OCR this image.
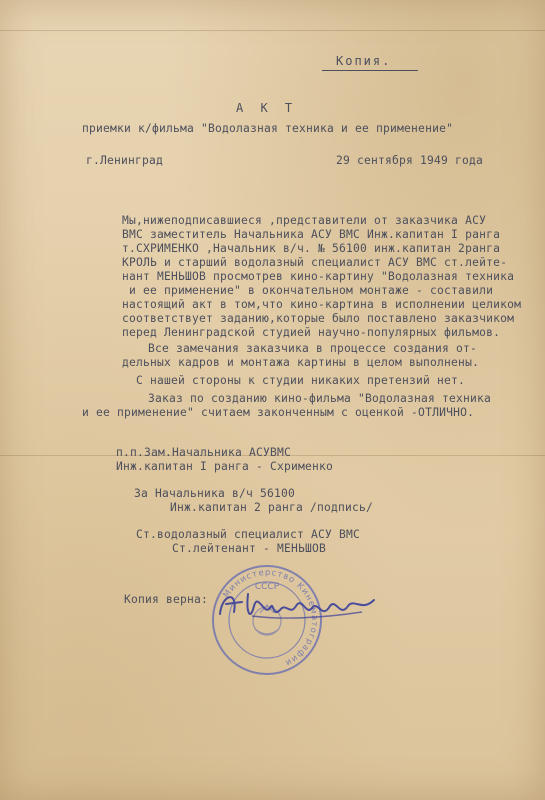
Копия.
А К Т
приемки к/фильма "Водолазная техника и ее применение"
г.Ленинград	29 сентября 1949 года
Мы,нижеподписавшиеся ,представители от заказчика АСУ
ВМС заместитель Начальника АСУ ВМС Инж.капитан I ранга
т.СХРИМЕНКО ,Начальник в/ч. № 56100 инж.капитан 2ранга
КРОЛЬ и старший водолазный специалист АСУ ВМС ст.лейте-
нант МЕНЬШОВ просмотрев кино-картину "Водолазная техника
и ее применение" в окончательном монтаже - составили
настоящий акт в том,что кино-картина в исполнении целиком
соответствует заданию,которые было поставлено заказчиком
перед Ленинградской студией научно-популярных фильмов.
Все замечания заказчика в процессе создания от-
дельных кадров и монтажа картины в целом выполнены.
С нашей стороны к студии никаких претензий нет.
Заказ по созданию кино-фильма "Водолазная техника
и ее применение" считаем законченным с оценкой -ОТЛИЧНО.
п.п.Зам.Начальника АСУВМС
Инж.капитан I ранга - Схрименко
За Начальника в/ч 56100
Инж.капитан 2 ранга /подпись/
Ст.водолазный специалист АСУ ВМС
Ст.лейтенант - МЕНЬШОВ
Копия верна: Министерство Кинематографии
СССР
